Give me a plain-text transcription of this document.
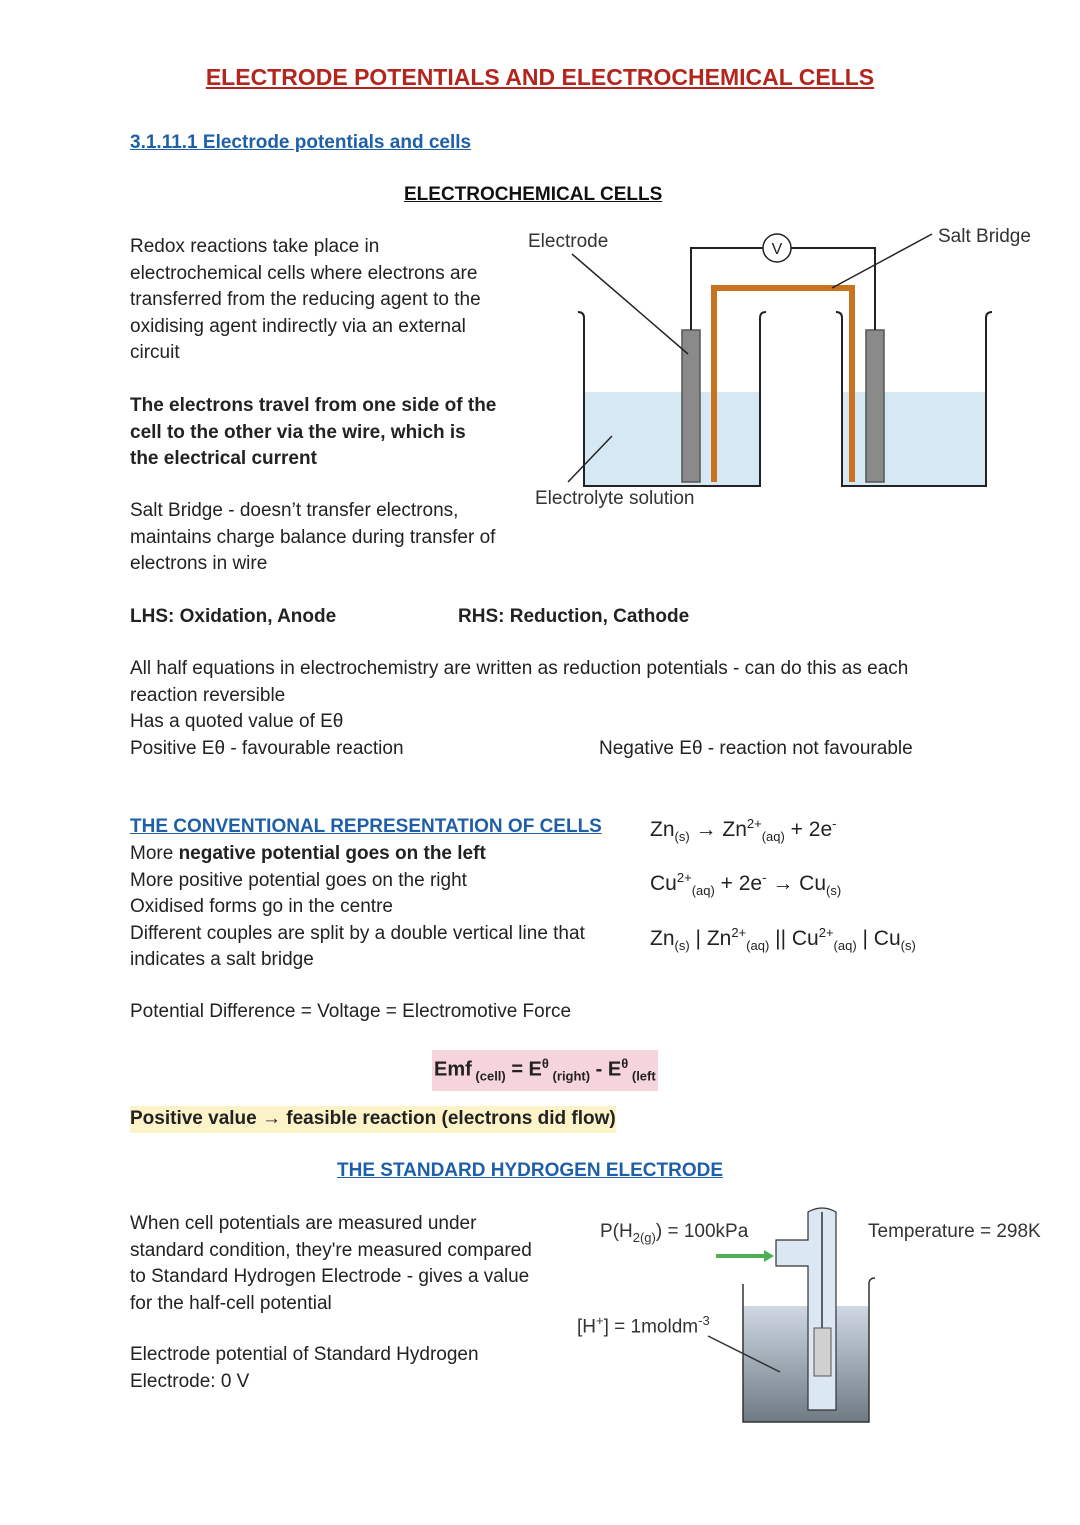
ELECTRODE POTENTIALS AND ELECTROCHEMICAL CELLS
3.1.11.1 Electrode potentials and cells
ELECTROCHEMICAL CELLS
Redox reactions take place in
electrochemical cells where electrons are
transferred from the reducing agent to the
oxidising agent indirectly via an external
circuit
The electrons travel from one side of the
cell to the other via the wire, which is
the electrical current
Salt Bridge - doesn’t transfer electrons,
maintains charge balance during transfer of
electrons in wire
V
Electrode	Salt Bridge
Electrolyte solution
LHS: Oxidation, Anode	RHS: Reduction, Cathode
All half equations in electrochemistry are written as reduction potentials - can do this as each
reaction reversible
Has a quoted value of Eθ
Positive Eθ - favourable reaction	Negative Eθ - reaction not favourable
THE CONVENTIONAL REPRESENTATION OF CELLS
More negative potential goes on the left
More positive potential goes on the right
Oxidised forms go in the centre
Different couples are split by a double vertical line that
indicates a salt bridge
$Zn_{(s)} \to Zn^{2+}_{(aq)} + 2e^-$
$Cu^{2+}_{(aq)} + 2e^- \to Cu_{(s)}$
$Zn_{(s)}$ | $Zn^{2+}_{(aq)}$ || $Cu^{2+}_{(aq)}$ | $Cu_{(s)}$
Potential Difference = Voltage = Electromotive Force
Emf $_{(cell)} = E^\theta$ $_{(right)} - E^\theta$ $_{(left}$
Positive value → feasible reaction (electrons did flow)
THE STANDARD HYDROGEN ELECTRODE
When cell potentials are measured under
standard condition, they're measured compared
to Standard Hydrogen Electrode - gives a value
for the half-cell potential
Electrode potential of Standard Hydrogen
Electrode: 0 V
$P(H_{2(g)}) = 100kPa$	Temperature = 298K
[H+] = 1moldm$^{-3}$
